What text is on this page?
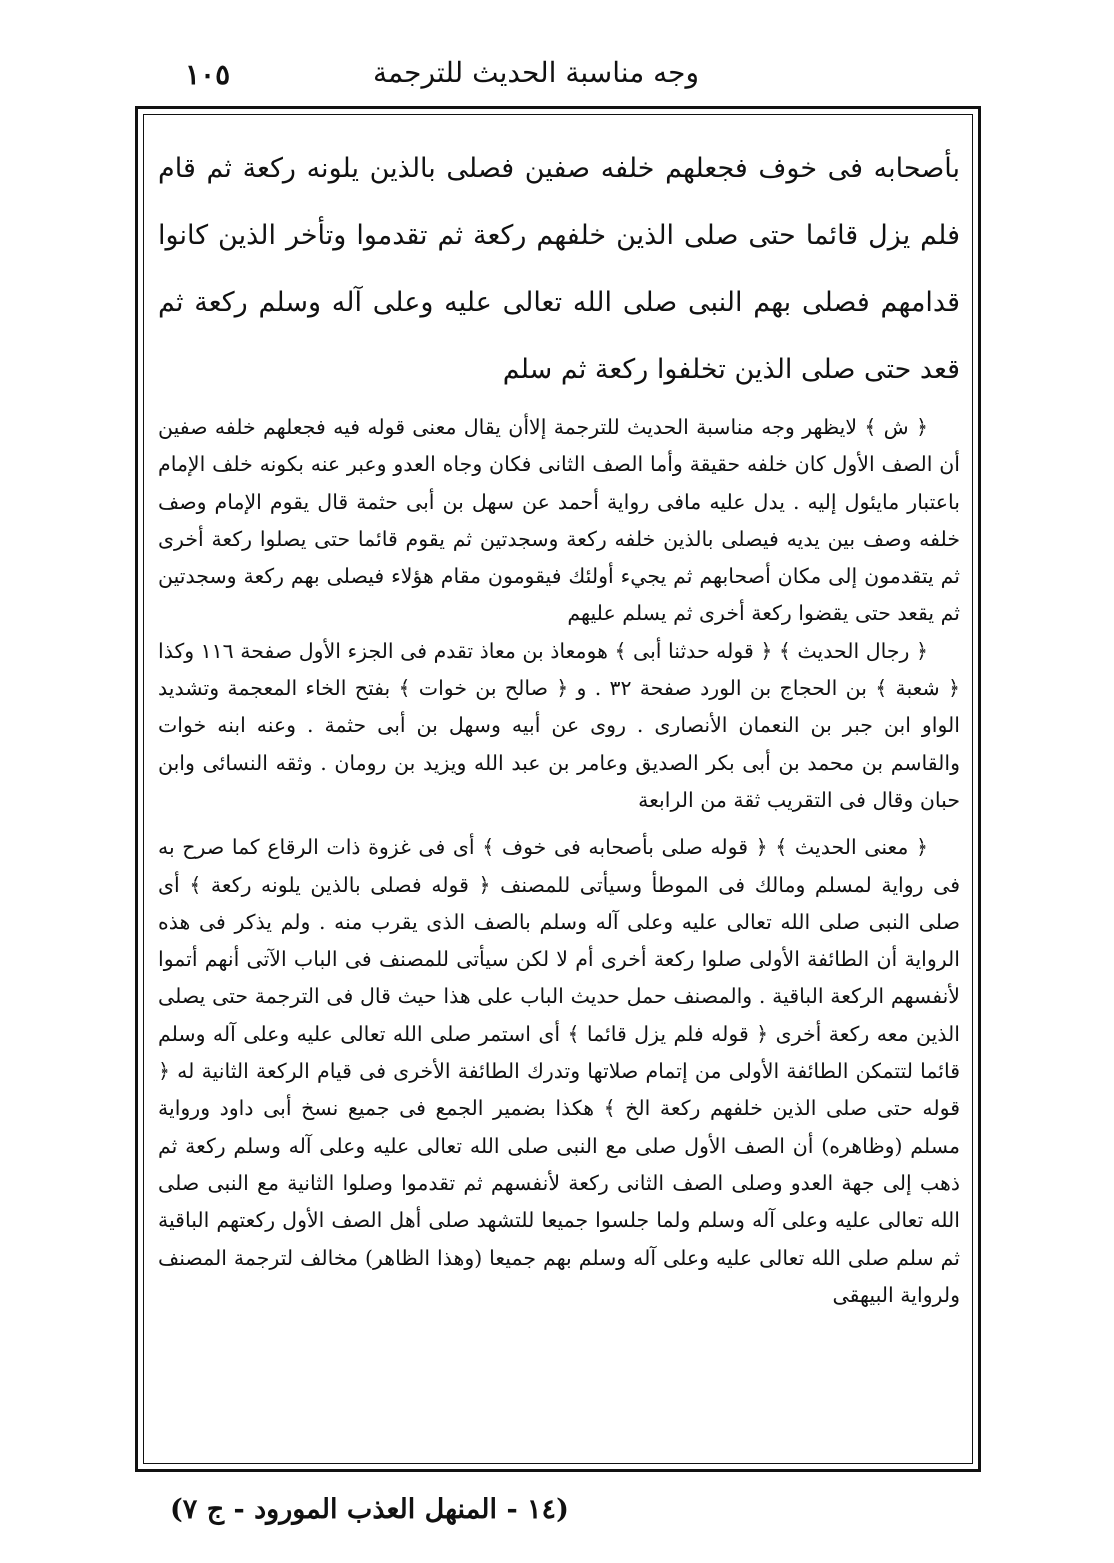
١٠٥	وجه مناسبة الحديث للترجمة
بأصحابه فى خوف فجعلهم خلفه صفين فصلى بالذين يلونه ركعة ثم قام فلم يزل قائما حتى صلى الذين خلفهم ركعة ثم تقدموا وتأخر الذين كانوا قدامهم فصلى بهم النبى صلى الله تعالى عليه وعلى آله وسلم ركعة ثم قعد حتى صلى الذين تخلفوا ركعة ثم سلم

﴿ ش ﴾ لايظهر وجه مناسبة الحديث للترجمة إلاأن يقال معنى قوله فيه فجعلهم خلفه صفين أن الصف الأول كان خلفه حقيقة وأما الصف الثانى فكان وجاه العدو وعبر عنه بكونه خلف الإمام باعتبار مايئول إليه . يدل عليه مافى رواية أحمد عن سهل بن أبى حثمة قال يقوم الإمام وصف خلفه وصف بين يديه فيصلى بالذين خلفه ركعة وسجدتين ثم يقوم قائما حتى يصلوا ركعة أخرى ثم يتقدمون إلى مكان أصحابهم ثم يجيء أولئك فيقومون مقام هؤلاء فيصلى بهم ركعة وسجدتين ثم يقعد حتى يقضوا ركعة أخرى ثم يسلم عليهم

﴿ رجال الحديث ﴾ ﴿ قوله حدثنا أبى ﴾ هومعاذ بن معاذ تقدم فى الجزء الأول صفحة ١١٦ وكذا ﴿ شعبة ﴾ بن الحجاج بن الورد صفحة ٣٢ . و ﴿ صالح بن خوات ﴾ بفتح الخاء المعجمة وتشديد الواو ابن جبر بن النعمان الأنصارى . روى عن أبيه وسهل بن أبى حثمة . وعنه ابنه خوات والقاسم بن محمد بن أبى بكر الصديق وعامر بن عبد الله ويزيد بن رومان . وثقه النسائى وابن حبان وقال فى التقريب ثقة من الرابعة

﴿ معنى الحديث ﴾ ﴿ قوله صلى بأصحابه فى خوف ﴾ أى فى غزوة ذات الرقاع كما صرح به فى رواية لمسلم ومالك فى الموطأ وسيأتى للمصنف ﴿ قوله فصلى بالذين يلونه ركعة ﴾ أى صلى النبى صلى الله تعالى عليه وعلى آله وسلم بالصف الذى يقرب منه . ولم يذكر فى هذه الرواية أن الطائفة الأولى صلوا ركعة أخرى أم لا لكن سيأتى للمصنف فى الباب الآتى أنهم أتموا لأنفسهم الركعة الباقية . والمصنف حمل حديث الباب على هذا حيث قال فى الترجمة حتى يصلى الذين معه ركعة أخرى ﴿ قوله فلم يزل قائما ﴾ أى استمر صلى الله تعالى عليه وعلى آله وسلم قائما لتتمكن الطائفة الأولى من إتمام صلاتها وتدرك الطائفة الأخرى فى قيام الركعة الثانية له ﴿ قوله حتى صلى الذين خلفهم ركعة الخ ﴾ هكذا بضمير الجمع فى جميع نسخ أبى داود ورواية مسلم (وظاهره) أن الصف الأول صلى مع النبى صلى الله تعالى عليه وعلى آله وسلم ركعة ثم ذهب إلى جهة العدو وصلى الصف الثانى ركعة لأنفسهم ثم تقدموا وصلوا الثانية مع النبى صلى الله تعالى عليه وعلى آله وسلم ولما جلسوا جميعا للتشهد صلى أهل الصف الأول ركعتهم الباقية ثم سلم صلى الله تعالى عليه وعلى آله وسلم بهم جميعا (وهذا الظاهر) مخالف لترجمة المصنف ولرواية البيهقى

(١٤ - المنهل العذب المورود - ج ٧)
